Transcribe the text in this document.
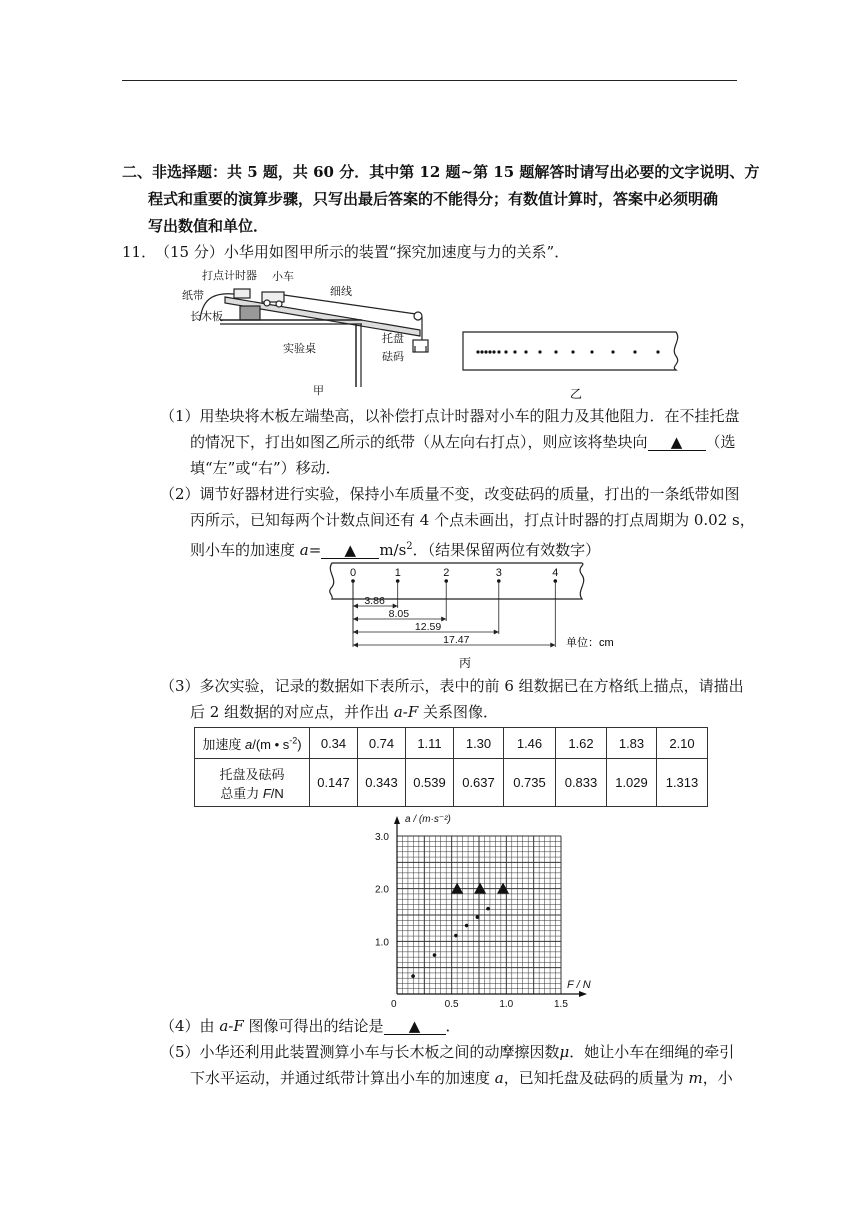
二、非选择题：共 5 题，共 60 分．其中第 12 题~第 15 题解答时请写出必要的文字说明、方
程式和重要的演算步骤，只写出最后答案的不能得分；有数值计算时，答案中必须明确
写出数值和单位．
11．
（15 分）小华用如图甲所示的装置“探究加速度与力的关系”．
打点计时器 小车
纸带
长木板
细线
实验桌
托盘
砝码
甲	乙
（1）用垫块将木板左端垫高，以补偿打点计时器对小车的阻力及其他阻力．在不挂托盘
的情况下，打出如图乙所示的纸带（从左向右打点），则应该将垫块向 ▲ （选
填“左”或“右”）移动．
（2）调节好器材进行实验，保持小车质量不变，改变砝码的质量，打出的一条纸带如图
丙所示，已知每两个计数点间还有 4 个点未画出，打点计时器的打点周期为 0.02 s，
则小车的加速度 a= ▲ $m/s^2$．（结果保留两位有效数字）
0	1	2	3	4
3.86
8.05
12.59
17.47	单位：cm
丙
（3）多次实验，记录的数据如下表所示，表中的前 6 组数据已在方格纸上描点，请描出
后 2 组数据的对应点，并作出 a-F 关系图像．
加速度 a/(m • $s^{-2}$)	0.34	0.74	1.11	1.30	1.46	1.62	1.83	2.10

托盘及砝码
总重力 F/N	0.147	0.343	0.539	0.637	0.735	0.833	1.029	1.313
a / (m·s⁻²)
F / N
0	0.5	1.0	1.5
1.0
2.0
3.0
（4）由 a-F 图像可得出的结论是 ▲ ．
（5）小华还利用此装置测算小车与长木板之间的动摩擦因数μ．她让小车在细绳的牵引
下水平运动，并通过纸带计算出小车的加速度 a，已知托盘及砝码的质量为 m，小
